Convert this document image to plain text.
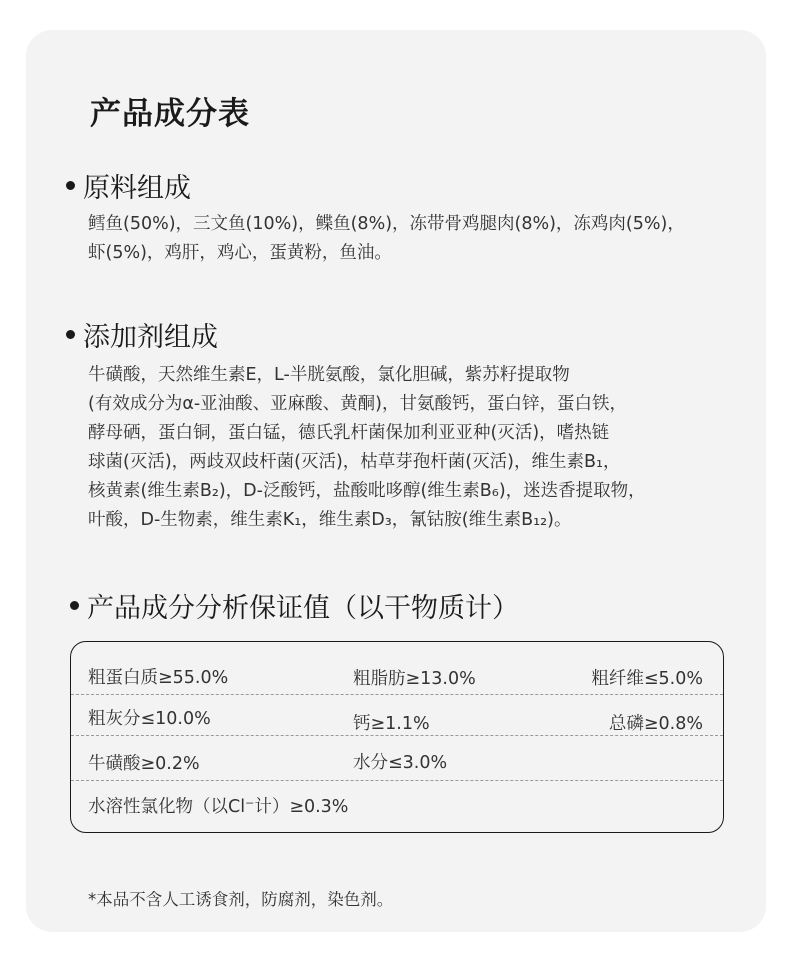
产品成分表
原料组成
鳕鱼(50%)，三文鱼(10%)，鲽鱼(8%)，冻带骨鸡腿肉(8%)，冻鸡肉(5%)，
虾(5%)，鸡肝，鸡心，蛋黄粉，鱼油。
添加剂组成
牛磺酸，天然维生素E，L-半胱氨酸，氯化胆碱，紫苏籽提取物
(有效成分为α-亚油酸、亚麻酸、黄酮)，甘氨酸钙，蛋白锌，蛋白铁，
酵母硒，蛋白铜，蛋白锰，德氏乳杆菌保加利亚亚种(灭活)，嗜热链
球菌(灭活)，两歧双歧杆菌(灭活)，枯草芽孢杆菌(灭活)，维生素B₁，
核黄素(维生素B₂)，D-泛酸钙，盐酸吡哆醇(维生素B₆)，迷迭香提取物，
叶酸，D-生物素，维生素K₁，维生素D₃，氰钴胺(维生素B₁₂)。
产品成分分析保证值（以干物质计）
粗蛋白质≥55.0%	粗脂肪≥13.0%	粗纤维≤5.0%
粗灰分≤10.0%	钙≥1.1%	总磷≥0.8%
牛磺酸≥0.2%	水分≤3.0%
水溶性氯化物（以Cl⁻计）≥0.3%
*本品不含人工诱食剂，防腐剂，染色剂。
